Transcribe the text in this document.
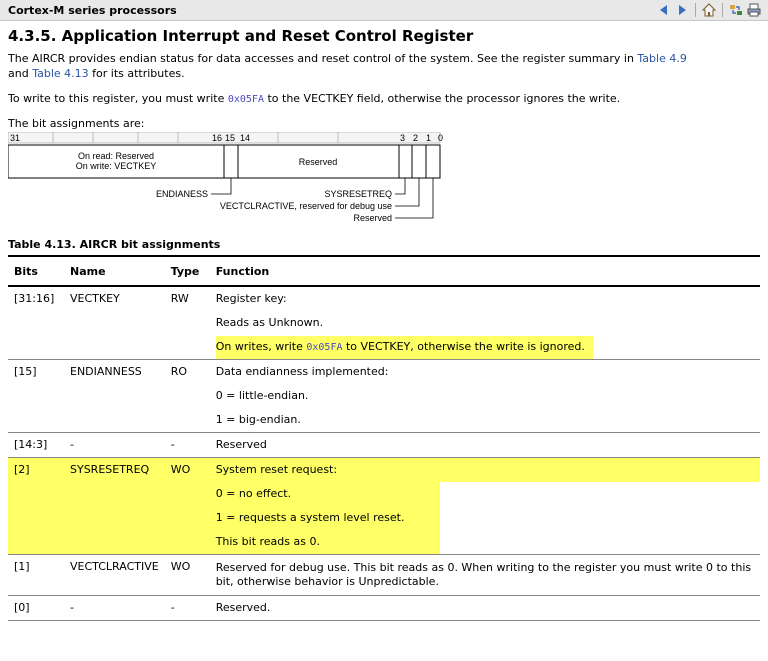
Cortex-M series processors
4.3.5. Application Interrupt and Reset Control Register
The AIRCR provides endian status for data accesses and reset control of the system. See the register summary in Table 4.9
and Table 4.13 for its attributes.
To write to this register, you must write 0x05FA to the VECTKEY field, otherwise the processor ignores the write.
The bit assignments are:
31	16 15 14	3 2 1 0
On read: Reserved
On write: VECTKEY	Reserved
ENDIANESS	SYSRESETREQ
VECTCLRACTIVE, reserved for debug use
Reserved
Table 4.13. AIRCR bit assignments
Bits	Name	Type	Function
[31:16]	VECTKEY	RW	Register key:
			Reads as Unknown.
			On writes, write 0x05FA to VECTKEY, otherwise the write is ignored.
[15]	ENDIANNESS	RO	Data endianness implemented:
			0 = little-endian.
			1 = big-endian.
[14:3]	-	-	Reserved
[2]	SYSRESETREQ	WO	System reset request:
			0 = no effect.
			1 = requests a system level reset.
			This bit reads as 0.
[1]	VECTCLRACTIVE	WO	Reserved for debug use. This bit reads as 0. When writing to the register you must write 0 to this bit, otherwise behavior is Unpredictable.
[0]	-	-	Reserved.
